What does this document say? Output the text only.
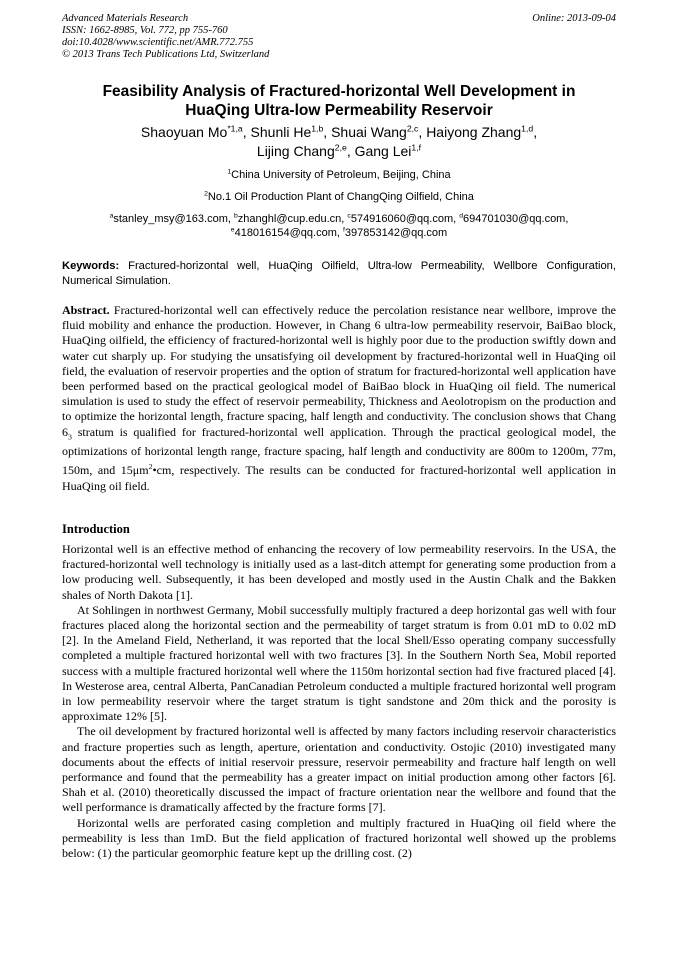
Advanced Materials Research
ISSN: 1662-8985, Vol. 772, pp 755-760
doi:10.4028/www.scientific.net/AMR.772.755
© 2013 Trans Tech Publications Ltd, Switzerland
Online: 2013-09-04
Feasibility Analysis of Fractured-horizontal Well Development in
HuaQing Ultra-low Permeability Reservoir
Shaoyuan Mo$^{*1,a}$, Shunli He$^{1,b}$, Shuai Wang$^{2,c}$, Haiyong Zhang$^{1,d}$,
Lijing Chang$^{2,e}$, Gang Lei$^{1,f}$
$^1$China University of Petroleum, Beijing, China
$^2$No.1 Oil Production Plant of ChangQing Oilfield, China
$^a$stanley_msy@163.com, $^b$zhanghl@cup.edu.cn, $^c$574916060@qq.com, $^d$694701030@qq.com,
$^e$418016154@qq.com, $^f$397853142@qq.com
Keywords: Fractured-horizontal well, HuaQing Oilfield, Ultra-low Permeability, Wellbore Configuration, Numerical Simulation.
Abstract. Fractured-horizontal well can effectively reduce the percolation resistance near wellbore, improve the fluid mobility and enhance the production. However, in Chang 6 ultra-low permeability reservoir, BaiBao block, HuaQing oilfield, the efficiency of fractured-horizontal well is highly poor due to the production swiftly down and water cut sharply up. For studying the unsatisfying oil development by fractured-horizontal well in HuaQing oil field, the evaluation of reservoir properties and the option of stratum for fractured-horizontal well application have been performed based on the practical geological model of BaiBao block in HuaQing oil field. The numerical simulation is used to study the effect of reservoir permeability, Thickness and Aeolotropism on the production and to optimize the horizontal length, fracture spacing, half length and conductivity. The conclusion shows that Chang $6_3$ stratum is qualified for fractured-horizontal well application. Through the practical geological model, the optimizations of horizontal length range, fracture spacing, half length and conductivity are 800m to 1200m, 77m, 150m, and $15\mu m^2•cm$, respectively. The results can be conducted for fractured-horizontal well application in HuaQing oil field.
Introduction

Horizontal well is an effective method of enhancing the recovery of low permeability reservoirs. In the USA, the fractured-horizontal well technology is initially used as a last-ditch attempt for generating some production from a low producing well. Subsequently, it has been developed and mostly used in the Austin Chalk and the Bakken shales of North Dakota [1].

At Sohlingen in northwest Germany, Mobil successfully multiply fractured a deep horizontal gas well with four fractures placed along the horizontal section and the permeability of target stratum is from 0.01 mD to 0.02 mD [2]. In the Ameland Field, Netherland, it was reported that the local Shell/Esso operating company successfully completed a multiple fractured horizontal well with two fractures [3]. In the Southern North Sea, Mobil reported success with a multiple fractured horizontal well where the 1150m horizontal section had five fractured placed [4]. In Westerose area, central Alberta, PanCanadian Petroleum conducted a multiple fractured horizontal well program in low permeability reservoir where the target stratum is tight sandstone and 20m thick and the porosity is approximate 12% [5].

The oil development by fractured horizontal well is affected by many factors including reservoir characteristics and fracture properties such as length, aperture, orientation and conductivity. Ostojic (2010) investigated many documents about the effects of initial reservoir pressure, reservoir permeability and fracture half length on well performance and found that the permeability has a greater impact on initial production among other factors [6]. Shah et al. (2010) theoretically discussed the impact of fracture orientation near the wellbore and found that the well performance is dramatically affected by the fracture forms [7].

Horizontal wells are perforated casing completion and multiply fractured in HuaQing oil field where the permeability is less than 1mD. But the field application of fractured horizontal well showed up the problems below: (1) the particular geomorphic feature kept up the drilling cost. (2)
